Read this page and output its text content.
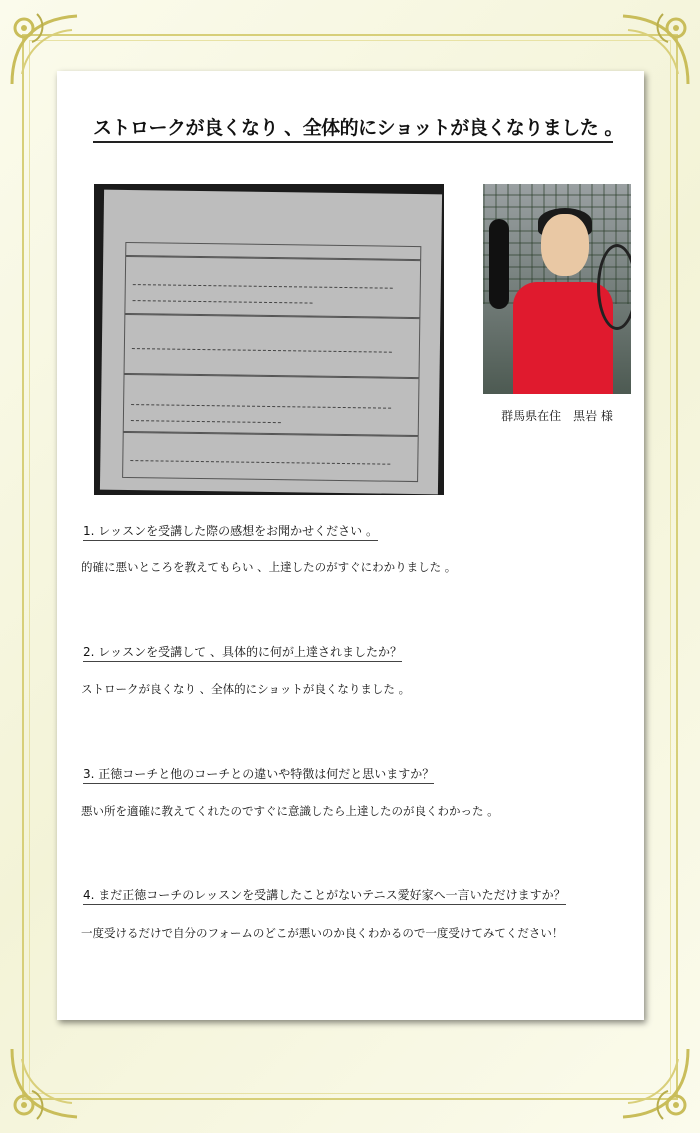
ストロークが良くなり 、全体的にショットが良くなりました 。
群馬県在住　黒岩 様
1. レッスンを受講した際の感想をお聞かせください 。
的確に悪いところを教えてもらい 、上達したのがすぐにわかりました 。
2. レッスンを受講して 、具体的に何が上達されましたか？
ストロークが良くなり 、全体的にショットが良くなりました 。
3. 正徳コーチと他のコーチとの違いや特徴は何だと思いますか？
悪い所を適確に教えてくれたのですぐに意識したら上達したのが良くわかった 。
4. まだ正徳コーチのレッスンを受講したことがないテニス愛好家へ一言いただけますか？
一度受けるだけで自分のフォームのどこが悪いのか良くわかるので一度受けてみてください！
